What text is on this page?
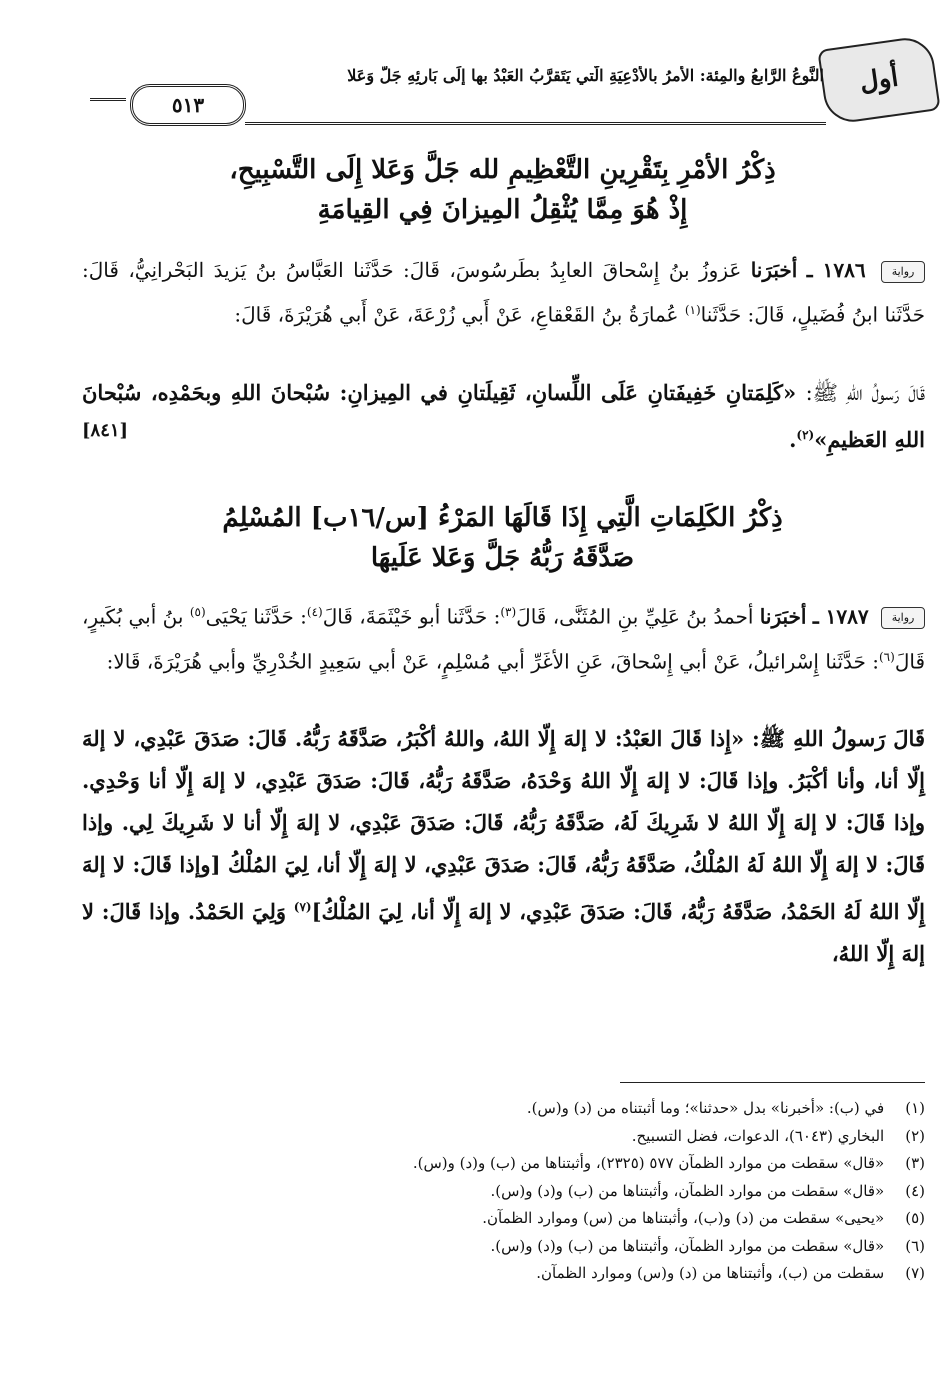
أول
النَّوعُ الرَّابعُ والمِئة: الأمرُ بالأدْعِيَةِ الَّتي يَتَقرَّبُ العَبْدُ بها إلَى بَارِئِهِ جَلَّ وَعَلا
٥١٣
ذِكْرُ الأمْرِ بِتَقْرِينِ التَّعْظِيمِ لله جَلَّ وَعَلا إِلَى التَّسْبِيحِ،
إِذْ هُوَ مِمَّا يُثْقِلُ المِيزانَ فِي القِيامَةِ
رواية ١٧٨٦ ـ أخبَرَنا عَزوزُ بنُ إِسْحاقَ العابِدُ بطَرسُوسَ، قَالَ: حَدَّثَنا العَبَّاسُ بنُ يَزيدَ البَحْرانِيُّ، قَالَ: حَدَّثَنا ابنُ فُضَيلٍ، قَالَ: حَدَّثَنا$^{(١)}$ عُمارَةُ بنُ القَعْقاعِ، عَنْ أَبي زُرْعَةَ، عَنْ أَبي هُرَيْرَةَ، قَالَ:
قَالَ رَسولُ اللهِ ﷺ: «كَلِمَتانِ خَفِيفَتانِ عَلَى اللِّسانِ، ثَقِيلَتانِ في المِيزانِ: سُبْحانَ اللهِ وبحَمْدِه، سُبْحانَ اللهِ العَظيمِ»$^{(٢)}$.
[٨٤١]
ذِكْرُ الكَلِمَاتِ الَّتِي إِذَا قَالَهَا المَرْءُ [س/١٦ب] المُسْلِمُ
صَدَّقَهُ رَبُّهُ جَلَّ وَعَلا عَلَيهَا
رواية ١٧٨٧ ـ أخبَرَنا أحمدُ بنُ عَلِيِّ بنِ المُثَنَّى، قَالَ$^{(٣)}$: حَدَّثَنا أبو خَيْثَمَةَ، قَالَ$^{(٤)}$: حَدَّثَنا يَحْيَى$^{(٥)}$ بنُ أبي بُكَيرٍ، قَالَ$^{(٦)}$: حَدَّثَنا إِسْرائيلُ، عَنْ أبي إِسْحاقَ، عَنِ الأغَرِّ أبي مُسْلِمٍ، عَنْ أبي سَعِيدٍ الخُدْرِيِّ وأبي هُرَيْرَةَ، قَالا:
قَالَ رَسولُ اللهِ ﷺ: «إِذا قَالَ العَبْدُ: لا إلهَ إِلّا اللهُ، واللهُ أكْبَرُ، صَدَّقَهُ رَبُّهُ. قَالَ: صَدَقَ عَبْدِي، لا إلهَ إِلّا أنا، وأنا أكْبَرُ. وإذا قَالَ: لا إلهَ إِلّا اللهُ وَحْدَهُ، صَدَّقَهُ رَبُّهُ، قَالَ: صَدَقَ عَبْدِي، لا إلهَ إِلّا أنا وَحْدِي. وإذا قَالَ: لا إلهَ إِلّا اللهُ لا شَرِيكَ لَهُ، صَدَّقَهُ رَبُّهُ، قَالَ: صَدَقَ عَبْدِي، لا إلهَ إِلّا أنا لا شَرِيكَ لِي. وإذا قَالَ: لا إلهَ إِلّا اللهُ لَهُ المُلْكُ، صَدَّقَهُ رَبُّهُ، قَالَ: صَدَقَ عَبْدِي، لا إلهَ إِلّا أنا، لِيَ المُلْكُ [وإذا قَالَ: لا إلهَ إِلّا اللهُ لَهُ الحَمْدُ، صَدَّقَهُ رَبُّهُ، قَالَ: صَدَقَ عَبْدِي، لا إلهَ إِلّا أنا، لِيَ المُلْكُ]$^{(٧)}$ وَلِيَ الحَمْدُ. وإذا قَالَ: لا إلهَ إِلّا اللهُ،
(١) في (ب): «أخبرنا» بدل «حدثنا»؛ وما أثبتناه من (د) و(س).
(٢) البخاري (٦٠٤٣)، الدعوات، فضل التسبيح.
(٣) «قال» سقطت من موارد الظمآن ٥٧٧ (٢٣٢٥)، وأثبتناها من (ب) و(د) و(س).
(٤) «قال» سقطت من موارد الظمآن، وأثبتناها من (ب) و(د) و(س).
(٥) «يحيى» سقطت من (د) و(ب)، وأثبتناها من (س) وموارد الظمآن.
(٦) «قال» سقطت من موارد الظمآن، وأثبتناها من (ب) و(د) و(س).
(٧) سقطت من (ب)، وأثبتناها من (د) و(س) وموارد الظمآن.
